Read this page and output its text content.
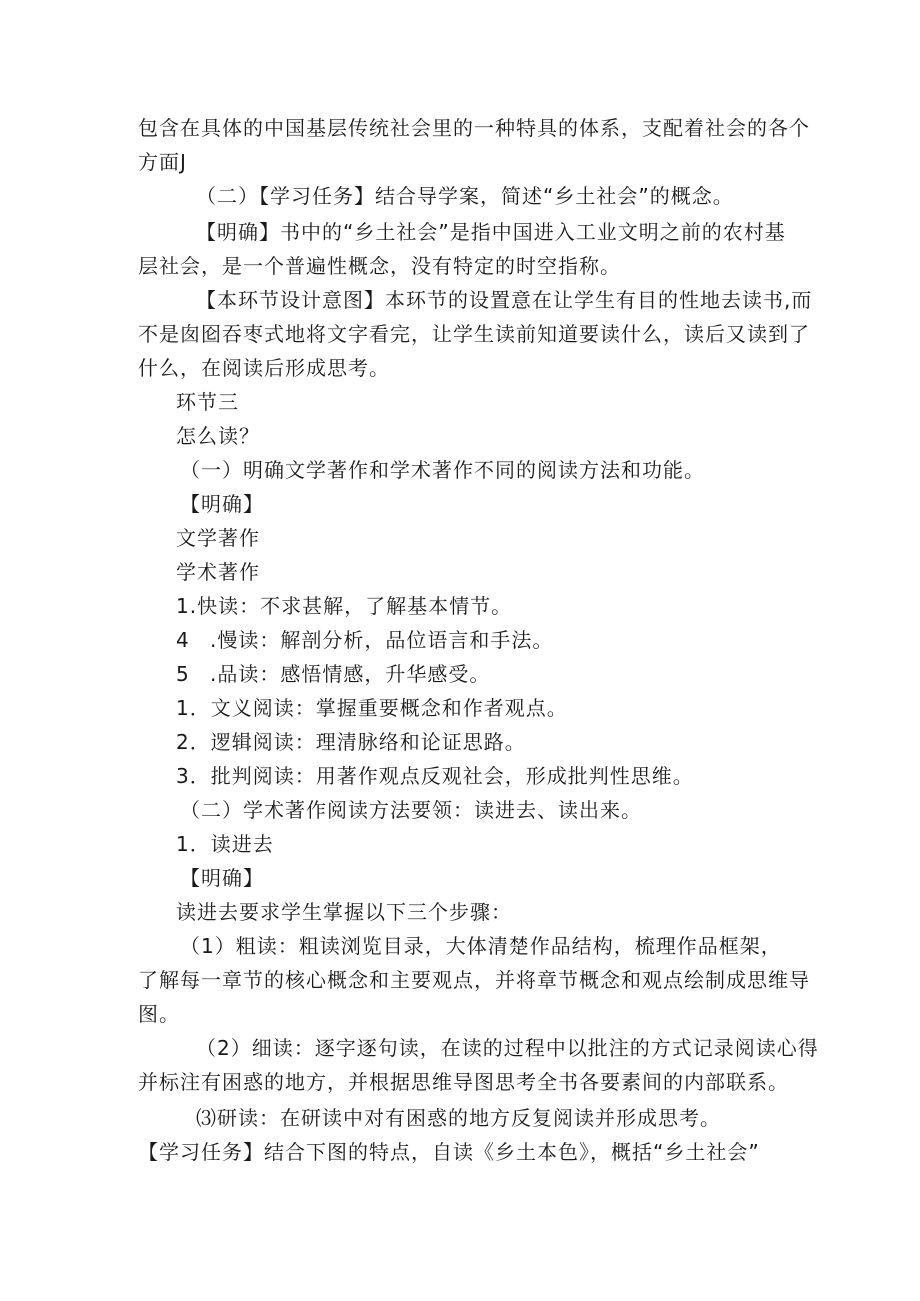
包含在具体的中国基层传统社会里的一种特具的体系，支配着社会的各个
方面J
（二）【学习任务】结合导学案，简述“乡土社会”的概念。
【明确】书中的“乡土社会”是指中国进入工业文明之前的农村基
层社会，是一个普遍性概念，没有特定的时空指称。
【本环节设计意图】本环节的设置意在让学生有目的性地去读书,而
不是囱囵吞枣式地将文字看完，让学生读前知道要读什么，读后又读到了
什么，在阅读后形成思考。
环节三
怎么读？
（一）明确文学著作和学术著作不同的阅读方法和功能。
【明确】
文学著作
学术著作
1.快读：不求甚解，了解基本情节。
4 .慢读：解剖分析，品位语言和手法。
5 .品读：感悟情感，升华感受。
1．文义阅读：掌握重要概念和作者观点。
2．逻辑阅读：理清脉络和论证思路。
3．批判阅读：用著作观点反观社会，形成批判性思维。
（二）学术著作阅读方法要领：读进去、读出来。
1．读进去
【明确】
读进去要求学生掌握以下三个步骤：
（1）粗读：粗读浏览目录，大体清楚作品结构，梳理作品框架，
了解每一章节的核心概念和主要观点，并将章节概念和观点绘制成思维导
图。
（2）细读：逐字逐句读，在读的过程中以批注的方式记录阅读心得
并标注有困惑的地方，并根据思维导图思考全书各要素间的内部联系。
⑶研读：在研读中对有困惑的地方反复阅读并形成思考。
【学习任务】结合下图的特点，自读《乡土本色》，概括“乡土社会”
